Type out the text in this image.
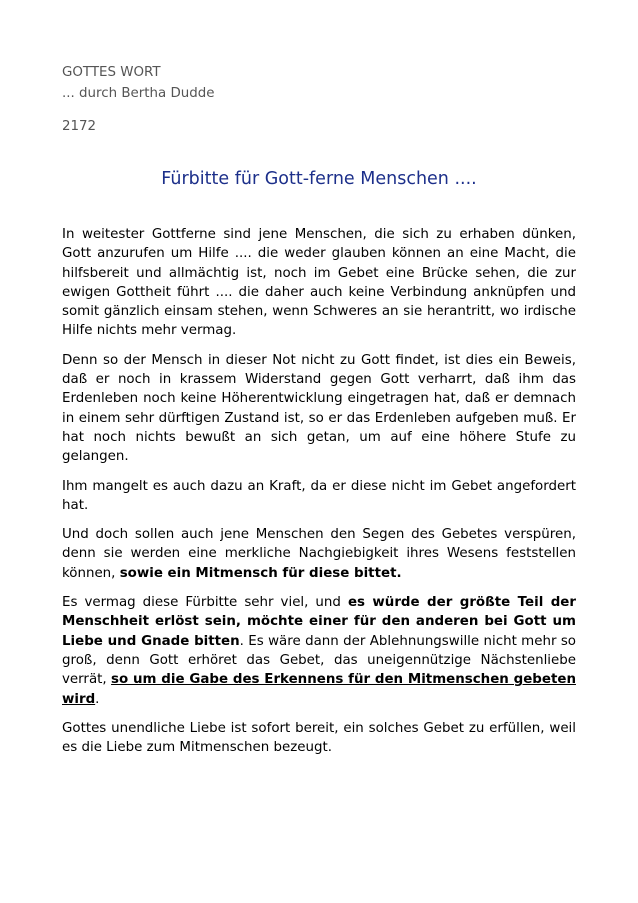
GOTTES WORT
... durch Bertha Dudde
2172
Fürbitte für Gott-ferne Menschen ....

In weitester Gottferne sind jene Menschen, die sich zu erhaben dünken, Gott anzurufen um Hilfe .... die weder glauben können an eine Macht, die hilfsbereit und allmächtig ist, noch im Gebet eine Brücke sehen, die zur ewigen Gottheit führt .... die daher auch keine Verbindung anknüpfen und somit gänzlich einsam stehen, wenn Schweres an sie herantritt, wo irdische Hilfe nichts mehr vermag.

Denn so der Mensch in dieser Not nicht zu Gott findet, ist dies ein Beweis, daß er noch in krassem Widerstand gegen Gott verharrt, daß ihm das Erdenleben noch keine Höherentwicklung eingetragen hat, daß er demnach in einem sehr dürftigen Zustand ist, so er das Erdenleben aufgeben muß. Er hat noch nichts bewußt an sich getan, um auf eine höhere Stufe zu gelangen.

Ihm mangelt es auch dazu an Kraft, da er diese nicht im Gebet angefordert hat.

Und doch sollen auch jene Menschen den Segen des Gebetes verspüren, denn sie werden eine merkliche Nachgiebigkeit ihres Wesens feststellen können, sowie ein Mitmensch für diese bittet.

Es vermag diese Fürbitte sehr viel, und es würde der größte Teil der Menschheit erlöst sein, möchte einer für den anderen bei Gott um Liebe und Gnade bitten. Es wäre dann der Ablehnungswille nicht mehr so groß, denn Gott erhöret das Gebet, das uneigennützige Nächstenliebe verrät, so um die Gabe des Erkennens für den Mitmenschen gebeten wird.

Gottes unendliche Liebe ist sofort bereit, ein solches Gebet zu erfüllen, weil es die Liebe zum Mitmenschen bezeugt.
